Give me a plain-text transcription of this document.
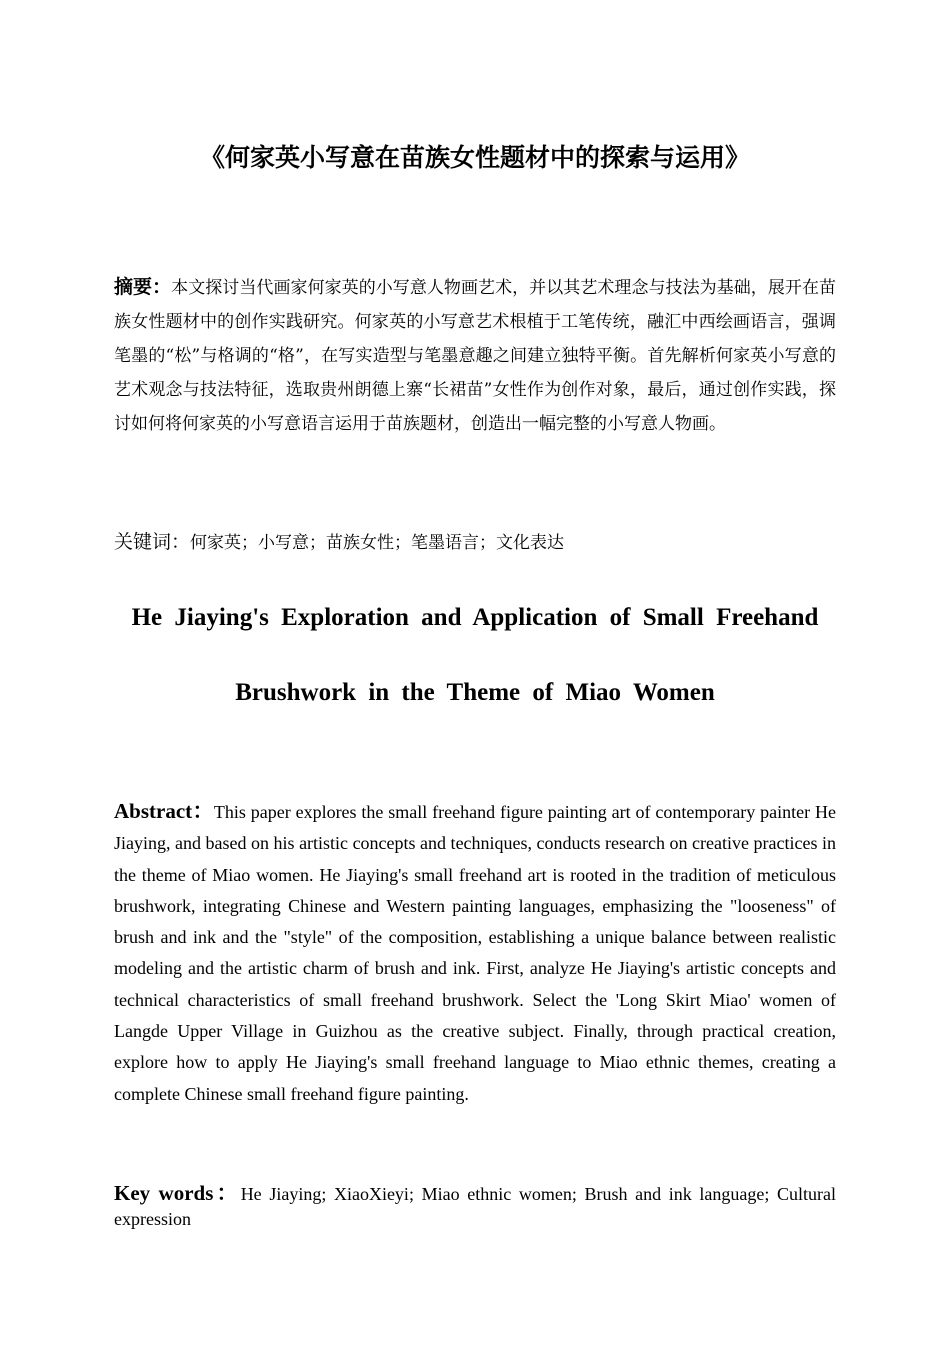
《何家英小写意在苗族女性题材中的探索与运用》

摘要：本文探讨当代画家何家英的小写意人物画艺术，并以其艺术理念与技法为基础，展开在苗族女性题材中的创作实践研究。何家英的小写意艺术根植于工笔传统，融汇中西绘画语言，强调笔墨的“松”与格调的“格”，在写实造型与笔墨意趣之间建立独特平衡。首先解析何家英小写意的艺术观念与技法特征，选取贵州朗德上寨“长裙苗”女性作为创作对象，最后，通过创作实践，探讨如何将何家英的小写意语言运用于苗族题材，创造出一幅完整的小写意人物画。

关键词：何家英；小写意；苗族女性；笔墨语言；文化表达

He Jiaying's Exploration and Application of Small Freehand
Brushwork in the Theme of Miao Women

Abstract：This paper explores the small freehand figure painting art of contemporary painter He Jiaying, and based on his artistic concepts and techniques, conducts research on creative practices in the theme of Miao women. He Jiaying's small freehand art is rooted in the tradition of meticulous brushwork, integrating Chinese and Western painting languages, emphasizing the "looseness" of brush and ink and the "style" of the composition, establishing a unique balance between realistic modeling and the artistic charm of brush and ink. First, analyze He Jiaying's artistic concepts and technical characteristics of small freehand brushwork. Select the 'Long Skirt Miao' women of Langde Upper Village in Guizhou as the creative subject. Finally, through practical creation, explore how to apply He Jiaying's small freehand language to Miao ethnic themes, creating a complete Chinese small freehand figure painting.

Key words：He Jiaying; XiaoXieyi; Miao ethnic women; Brush and ink language; Cultural expression
